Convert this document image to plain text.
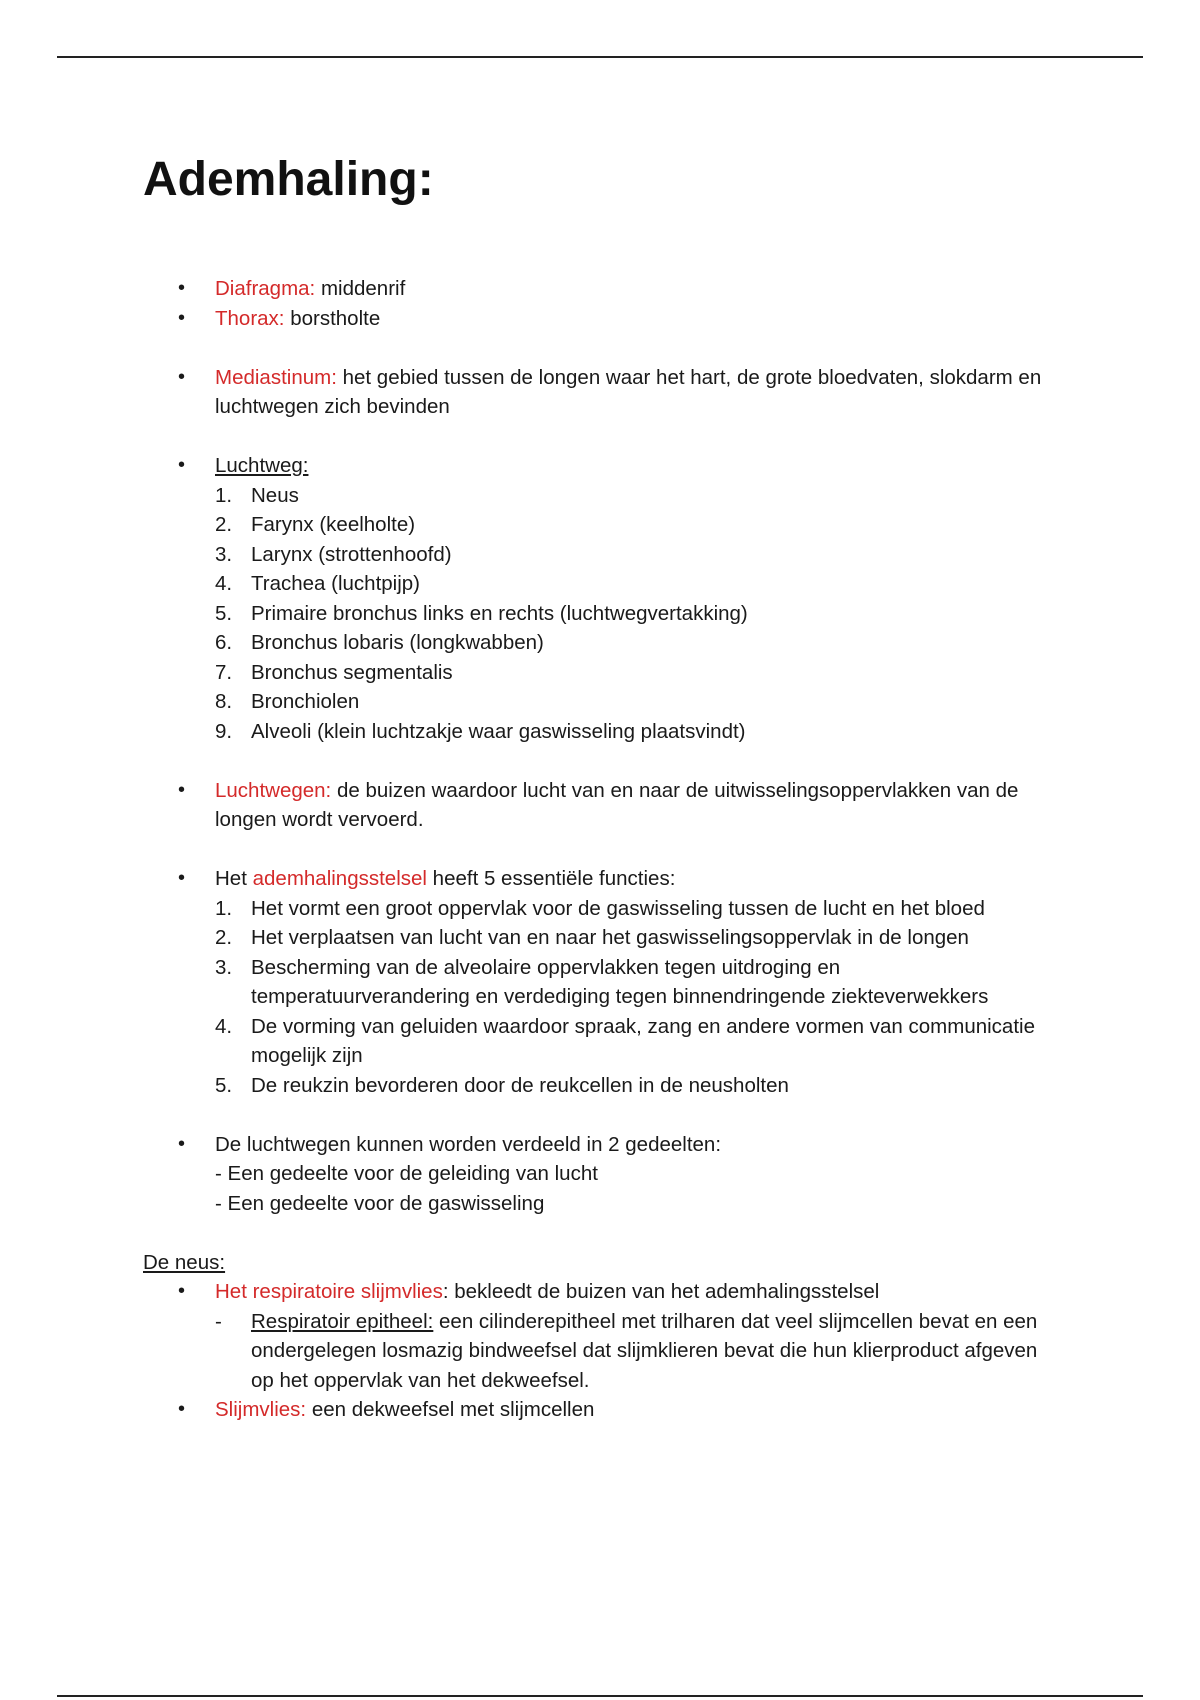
Ademhaling:
• Diafragma: middenrif
• Thorax: borstholte
• Mediastinum: het gebied tussen de longen waar het hart, de grote bloedvaten, slokdarm en luchtwegen zich bevinden
• Luchtweg:
1. Neus
2. Farynx (keelholte)
3. Larynx (strottenhoofd)
4. Trachea (luchtpijp)
5. Primaire bronchus links en rechts (luchtwegvertakking)
6. Bronchus lobaris (longkwabben)
7. Bronchus segmentalis
8. Bronchiolen
9. Alveoli (klein luchtzakje waar gaswisseling plaatsvindt)
• Luchtwegen: de buizen waardoor lucht van en naar de uitwisselingsoppervlakken van de longen wordt vervoerd.
• Het ademhalingsstelsel heeft 5 essentiële functies:
1. Het vormt een groot oppervlak voor de gaswisseling tussen de lucht en het bloed
2. Het verplaatsen van lucht van en naar het gaswisselingsoppervlak in de longen
3. Bescherming van de alveolaire oppervlakken tegen uitdroging en temperatuurverandering en verdediging tegen binnendringende ziekteverwekkers
4. De vorming van geluiden waardoor spraak, zang en andere vormen van communicatie mogelijk zijn
5. De reukzin bevorderen door de reukcellen in de neusholten
• De luchtwegen kunnen worden verdeeld in 2 gedeelten:
- Een gedeelte voor de geleiding van lucht
- Een gedeelte voor de gaswisseling
De neus:
• Het respiratoire slijmvlies: bekleedt de buizen van het ademhalingsstelsel
- Respiratoir epitheel: een cilinderepitheel met trilharen dat veel slijmcellen bevat en een ondergelegen losmazig bindweefsel dat slijmklieren bevat die hun klierproduct afgeven op het oppervlak van het dekweefsel.
• Slijmvlies: een dekweefsel met slijmcellen
